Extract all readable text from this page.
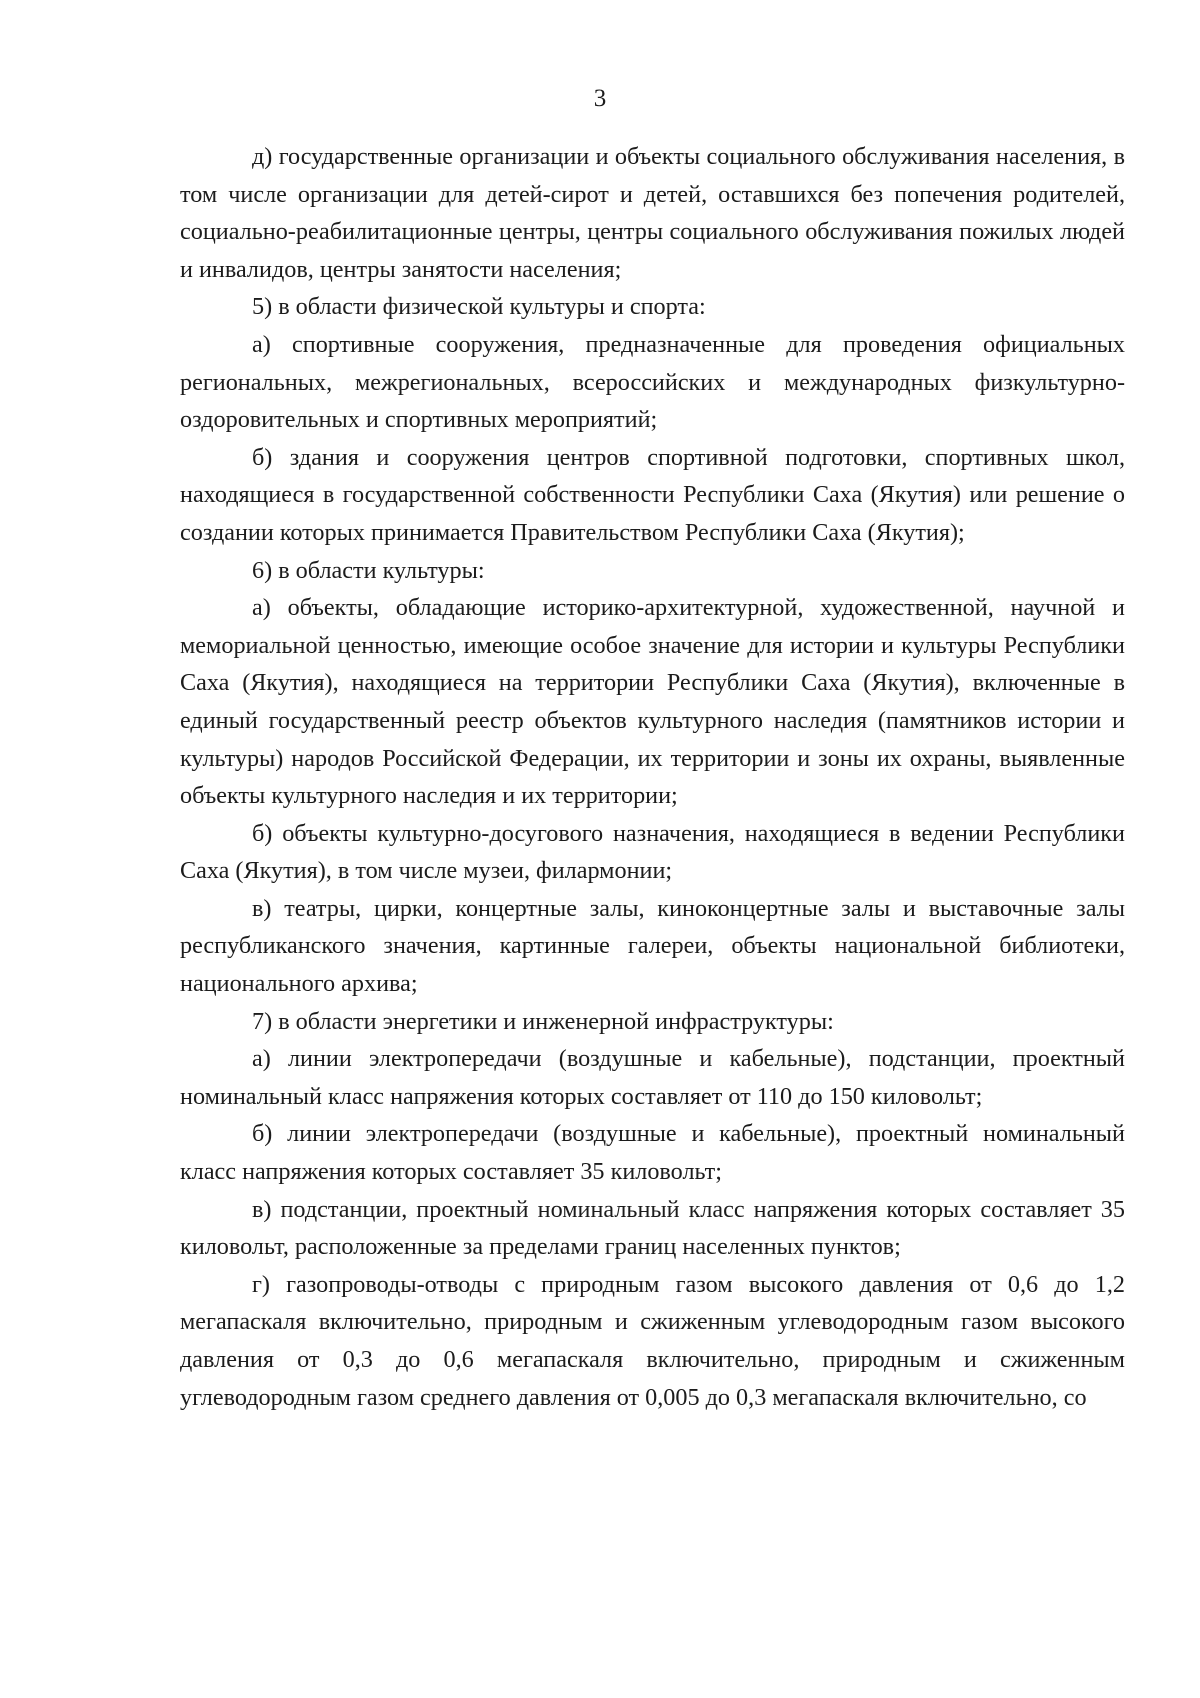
3

д) государственные организации и объекты социального обслуживания населения, в том числе организации для детей-сирот и детей, оставшихся без попечения родителей, социально-реабилитационные центры, центры социального обслуживания пожилых людей и инвалидов, центры занятости населения;

5) в области физической культуры и спорта:

а) спортивные сооружения, предназначенные для проведения официальных региональных, межрегиональных, всероссийских и международных физкультурно-оздоровительных и спортивных мероприятий;

б) здания и сооружения центров спортивной подготовки, спортивных школ, находящиеся в государственной собственности Республики Саха (Якутия) или решение о создании которых принимается Правительством Республики Саха (Якутия);

6) в области культуры:

а) объекты, обладающие историко-архитектурной, художественной, научной и мемориальной ценностью, имеющие особое значение для истории и культуры Республики Саха (Якутия), находящиеся на территории Республики Саха (Якутия), включенные в единый государственный реестр объектов культурного наследия (памятников истории и культуры) народов Российской Федерации, их территории и зоны их охраны, выявленные объекты культурного наследия и их территории;

б) объекты культурно-досугового назначения, находящиеся в ведении Республики Саха (Якутия), в том числе музеи, филармонии;

в) театры, цирки, концертные залы, киноконцертные залы и выставочные залы республиканского значения, картинные галереи, объекты национальной библиотеки, национального архива;

7) в области энергетики и инженерной инфраструктуры:

а) линии электропередачи (воздушные и кабельные), подстанции, проектный номинальный класс напряжения которых составляет от 110 до 150 киловольт;

б) линии электропередачи (воздушные и кабельные), проектный номинальный класс напряжения которых составляет 35 киловольт;

в) подстанции, проектный номинальный класс напряжения которых составляет 35 киловольт, расположенные за пределами границ населенных пунктов;

г) газопроводы-отводы с природным газом высокого давления от 0,6 до 1,2 мегапаскаля включительно, природным и сжиженным углеводородным газом высокого давления от 0,3 до 0,6 мегапаскаля включительно, природным и сжиженным углеводородным газом среднего давления от 0,005 до 0,3 мегапаскаля включительно, со
